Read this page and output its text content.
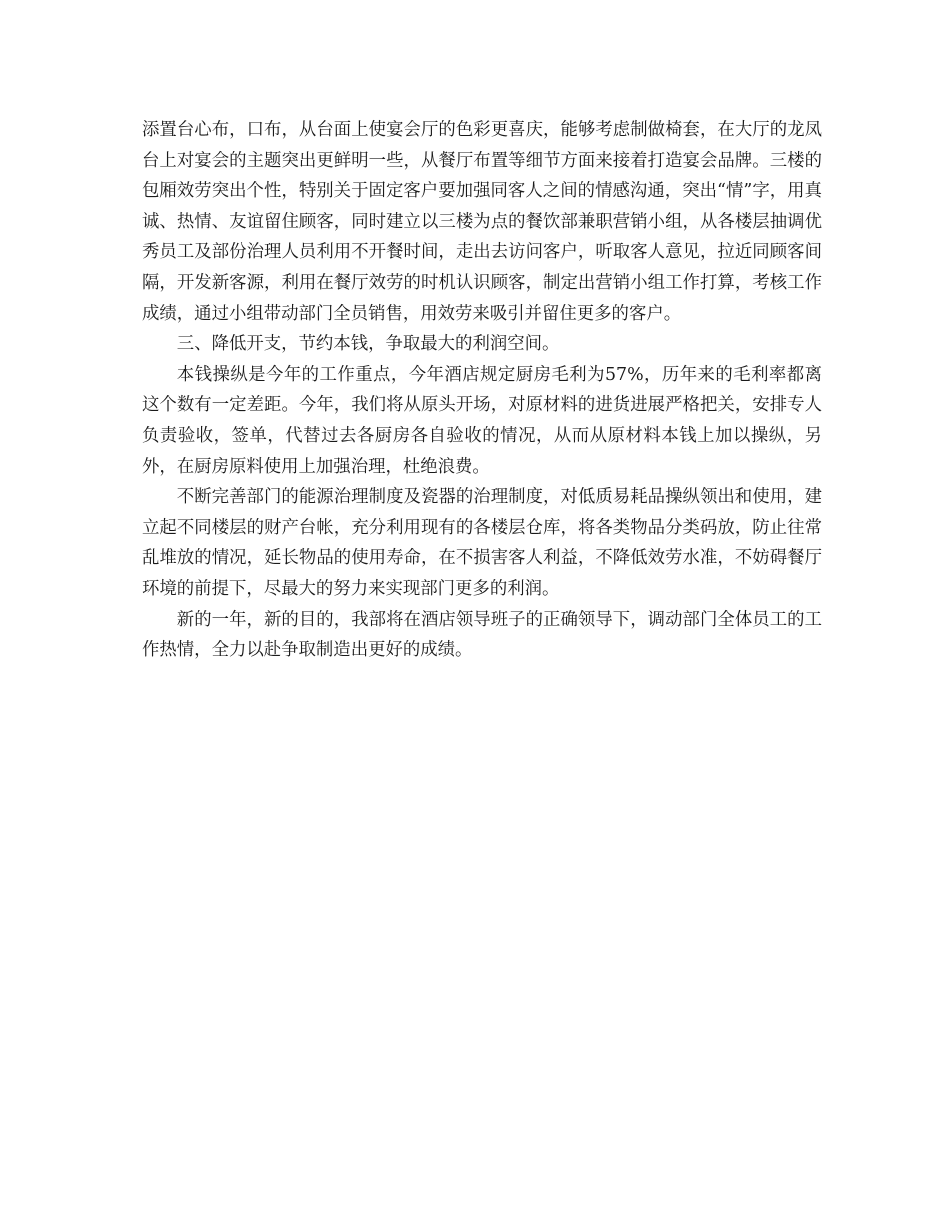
添置台心布，口布，从台面上使宴会厅的色彩更喜庆，能够考虑制做椅套，在大厅的龙凤台上对宴会的主题突出更鲜明一些，从餐厅布置等细节方面来接着打造宴会品牌。三楼的包厢效劳突出个性，特别关于固定客户要加强同客人之间的情感沟通，突出“情”字，用真诚、热情、友谊留住顾客，同时建立以三楼为点的餐饮部兼职营销小组，从各楼层抽调优秀员工及部份治理人员利用不开餐时间，走出去访问客户，听取客人意见，拉近同顾客间隔，开发新客源，利用在餐厅效劳的时机认识顾客，制定出营销小组工作打算，考核工作成绩，通过小组带动部门全员销售，用效劳来吸引并留住更多的客户。

三、降低开支，节约本钱，争取最大的利润空间。

本钱操纵是今年的工作重点，今年酒店规定厨房毛利为57%，历年来的毛利率都离这个数有一定差距。今年，我们将从原头开场，对原材料的进货进展严格把关，安排专人负责验收，签单，代替过去各厨房各自验收的情况，从而从原材料本钱上加以操纵，另外，在厨房原料使用上加强治理，杜绝浪费。

不断完善部门的能源治理制度及瓷器的治理制度，对低质易耗品操纵领出和使用，建立起不同楼层的财产台帐，充分利用现有的各楼层仓库，将各类物品分类码放，防止往常乱堆放的情况，延长物品的使用寿命，在不损害客人利益，不降低效劳水准，不妨碍餐厅环境的前提下，尽最大的努力来实现部门更多的利润。

新的一年，新的目的，我部将在酒店领导班子的正确领导下，调动部门全体员工的工作热情，全力以赴争取制造出更好的成绩。
